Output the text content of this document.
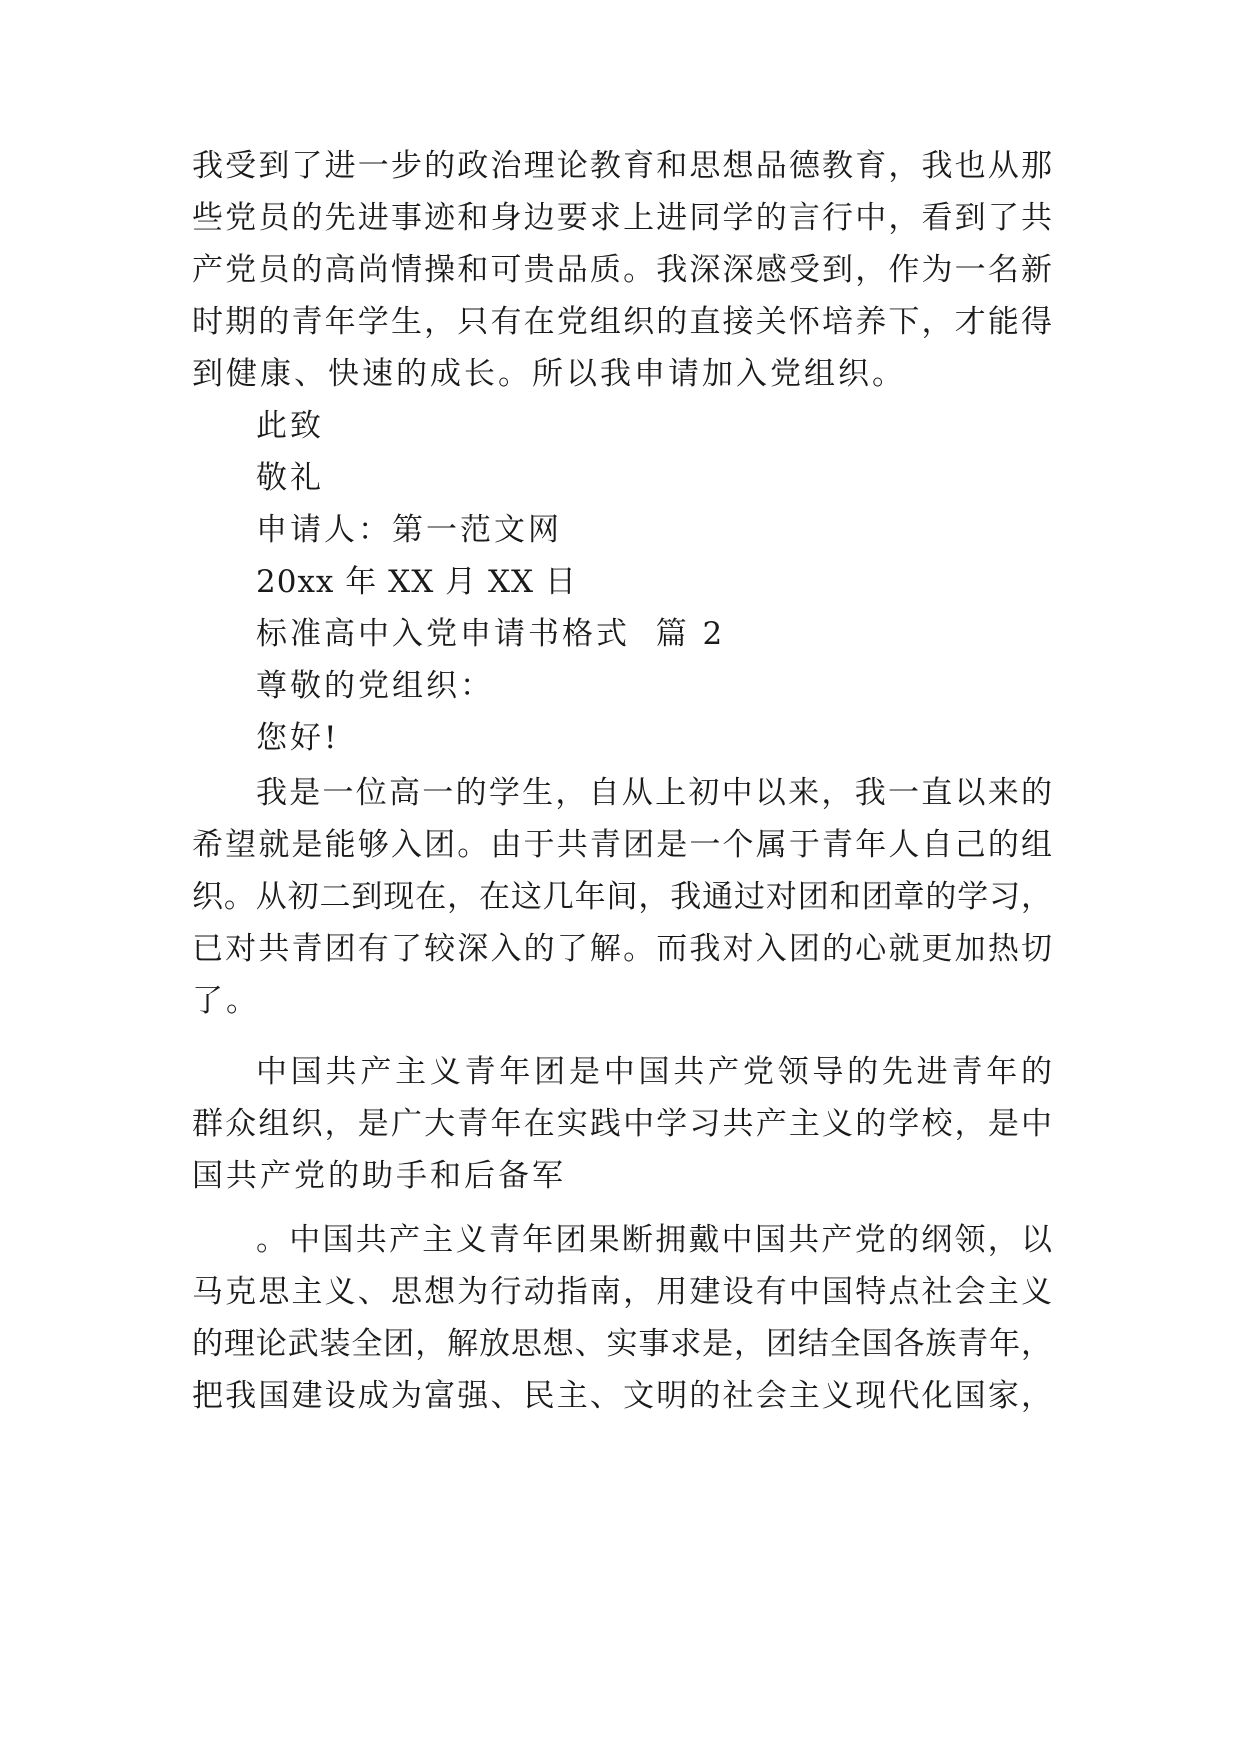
我受到了进一步的政治理论教育和思想品德教育，我也从那
些党员的先进事迹和身边要求上进同学的言行中，看到了共
产党员的高尚情操和可贵品质。我深深感受到，作为一名新
时期的青年学生，只有在党组织的直接关怀培养下，才能得
到健康、快速的成长。所以我申请加入党组织。
此致
敬礼
申请人：第一范文网
20xx 年 XX 月 XX 日
标准高中入党申请书格式  篇 2
尊敬的党组织：
您好!
我是一位高一的学生，自从上初中以来，我一直以来的
希望就是能够入团。由于共青团是一个属于青年人自己的组
织。从初二到现在，在这几年间，我通过对团和团章的学习，
已对共青团有了较深入的了解。而我对入团的心就更加热切
了。
中国共产主义青年团是中国共产党领导的先进青年的
群众组织，是广大青年在实践中学习共产主义的学校，是中
国共产党的助手和后备军
。中国共产主义青年团果断拥戴中国共产党的纲领，以
马克思主义、思想为行动指南，用建设有中国特点社会主义
的理论武装全团，解放思想、实事求是，团结全国各族青年，
把我国建设成为富强、民主、文明的社会主义现代化国家，
